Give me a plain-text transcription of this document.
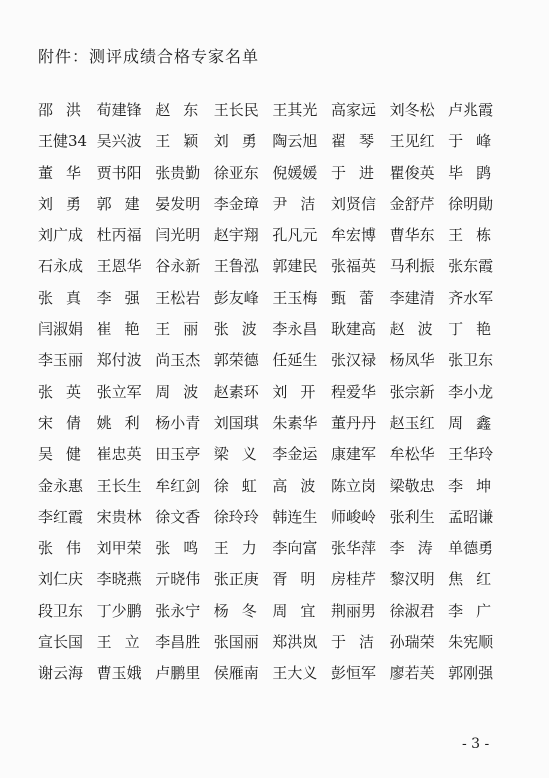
附件：测评成绩合格专家名单
邵洪 荀建锋 赵东 王长民 王其光 高家远 刘冬松 卢兆霞
王健34 吴兴波 王颖 刘勇 陶云旭 翟琴 王见红 于峰
董华 贾书阳 张贵勤 徐亚东 倪媛媛 于进 瞿俊英 毕鹍
刘勇 郭建 晏发明 李金璋 尹洁 刘贤信 金舒芹 徐明勛
刘广成 杜丙福 闫光明 赵宇翔 孔凡元 牟宏博 曹华东 王栋
石永成 王恩华 谷永新 王鲁泓 郭建民 张福英 马利振 张东霞
张真 李强 王松岩 彭友峰 王玉梅 甄蕾 李建清 齐水军
闫淑娟 崔艳 王丽 张波 李永昌 耿建高 赵波 丁艳
李玉丽 郑付波 尚玉杰 郭荣德 任延生 张汉禄 杨凤华 张卫东
张英 张立军 周波 赵素环 刘开 程爱华 张宗新 李小龙
宋倩 姚利 杨小青 刘国琪 朱素华 董丹丹 赵玉红 周鑫
吴健 崔忠英 田玉亭 梁义 李金运 康建军 牟松华 王华玲
金永惠 王长生 牟红剑 徐虹 高波 陈立岗 梁敬忠 李坤
李红霞 宋贵林 徐文香 徐玲玲 韩连生 师峻岭 张利生 孟昭谦
张伟 刘甲荣 张鸣 王力 李向富 张华萍 李涛 单德勇
刘仁庆 李晓燕 亓晓伟 张正庚 胥明 房桂芹 黎汉明 焦红
段卫东 丁少鹏 张永宁 杨冬 周宜 荆丽男 徐淑君 李广
宣长国 王立 李昌胜 张国丽 郑洪岚 于洁 孙瑞荣 朱宪顺
谢云海 曹玉娥 卢鹏里 侯雁南 王大义 彭恒军 廖若芙 郭刚强
- 3 -
